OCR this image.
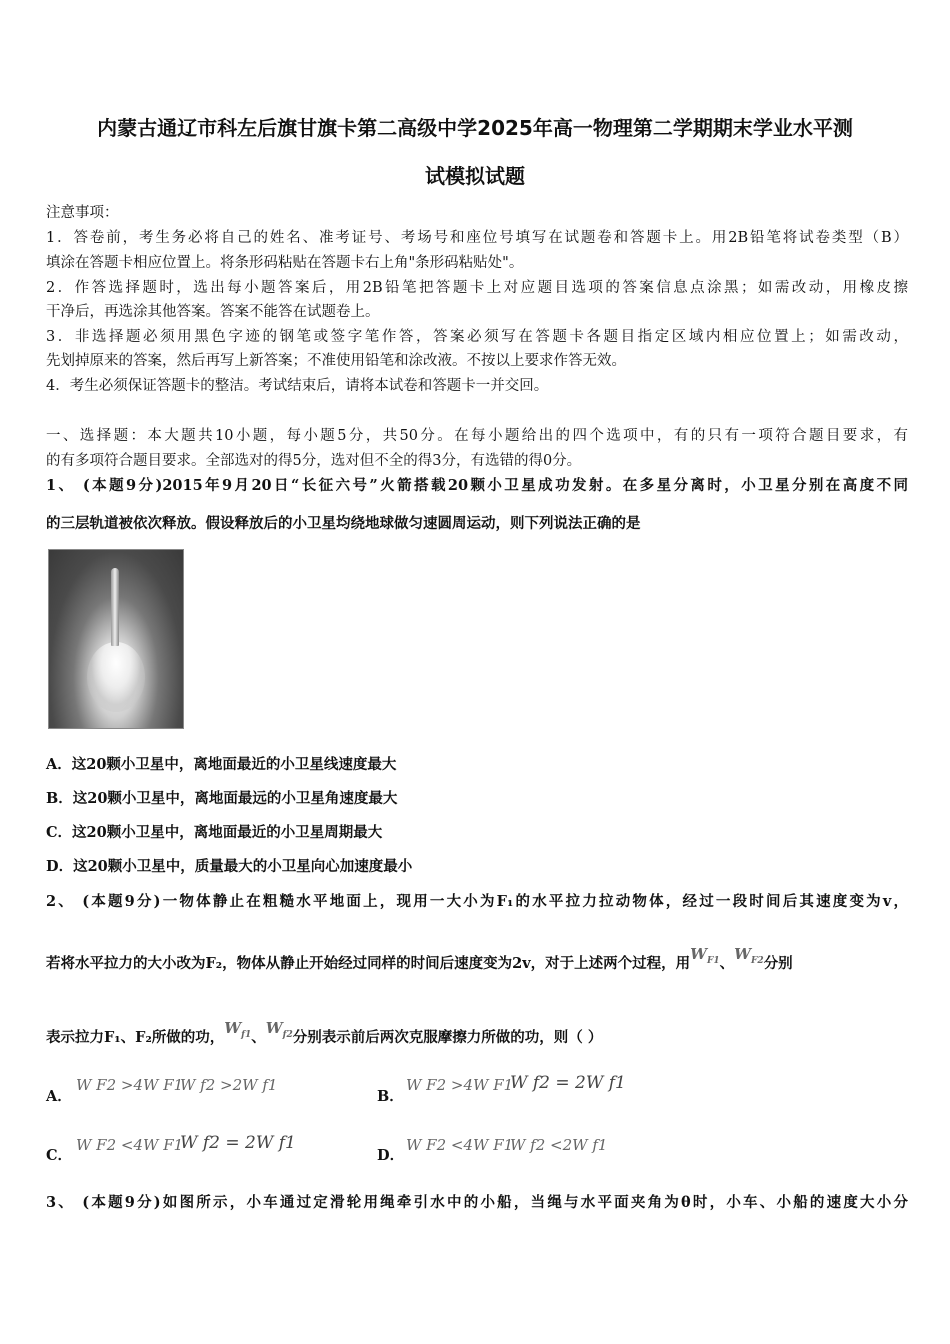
内蒙古通辽市科左后旗甘旗卡第二高级中学2025年高一物理第二学期期末学业水平测
试模拟试题
注意事项：
1．答卷前，考生务必将自己的姓名、准考证号、考场号和座位号填写在试题卷和答题卡上。用2B铅笔将试卷类型（B）
填涂在答题卡相应位置上。将条形码粘贴在答题卡右上角"条形码粘贴处"。
2．作答选择题时，选出每小题答案后，用2B铅笔把答题卡上对应题目选项的答案信息点涂黑；如需改动，用橡皮擦
干净后，再选涂其他答案。答案不能答在试题卷上。
3．非选择题必须用黑色字迹的钢笔或签字笔作答，答案必须写在答题卡各题目指定区域内相应位置上；如需改动，
先划掉原来的答案，然后再写上新答案；不准使用铅笔和涂改液。不按以上要求作答无效。
4．考生必须保证答题卡的整洁。考试结束后，请将本试卷和答题卡一并交回。
一、选择题：本大题共10小题，每小题5分，共50分。在每小题给出的四个选项中，有的只有一项符合题目要求，有
的有多项符合题目要求。全部选对的得5分，选对但不全的得3分，有选错的得0分。
1、 (本题9分)2015年9月20日“长征六号”火箭搭载20颗小卫星成功发射。在多星分离时，小卫星分别在高度不同
的三层轨道被依次释放。假设释放后的小卫星均绕地球做匀速圆周运动，则下列说法正确的是
A．这20颗小卫星中，离地面最近的小卫星线速度最大
B．这20颗小卫星中，离地面最远的小卫星角速度最大
C．这20颗小卫星中，离地面最近的小卫星周期最大
D．这20颗小卫星中，质量最大的小卫星向心加速度最小
2、 (本题9分)一物体静止在粗糙水平地面上，现用一大小为F₁的水平拉力拉动物体，经过一段时间后其速度变为v，
若将水平拉力的大小改为F₂，物体从静止开始经过同样的时间后速度变为2v，对于上述两个过程，用$W_{F1}$、$W_{F2}$分别
表示拉力F₁、F₂所做的功，$W_{f1}$、$W_{f2}$分别表示前后两次克服摩擦力所做的功，则（ ）
A．
W F2 >4W F1
W f2 >2W f1
B．
W F2 >4W F1
W f2 = 2W f1
C．
W F2 <4W F1
W f2 = 2W f1
D．
W F2 <4W F1
W f2 <2W f1
3、 (本题9分)如图所示，小车通过定滑轮用绳牵引水中的小船，当绳与水平面夹角为θ时，小车、小船的速度大小分
